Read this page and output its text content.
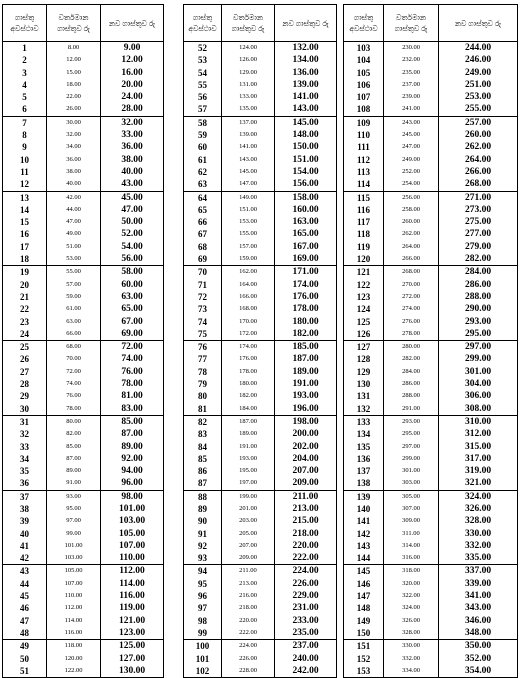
ගාස්තු අවස්ථාව	වර්තමාන ගාස්තුව රු	නව ගාස්තුව රු

1	8.00	9.00
2	12.00	12.00
3	15.00	16.00
4	18.00	20.00
5	22.00	24.00
6	26.00	28.00
7	30.00	32.00
8	32.00	33.00
9	34.00	36.00
10	36.00	38.00
11	38.00	40.00
12	40.00	43.00
13	42.00	45.00
14	44.00	47.00
15	47.00	50.00
16	49.00	52.00
17	51.00	54.00
18	53.00	56.00
19	55.00	58.00
20	57.00	60.00
21	59.00	63.00
22	61.00	65.00
23	63.00	67.00
24	66.00	69.00
25	68.00	72.00
26	70.00	74.00
27	72.00	76.00
28	74.00	78.00
29	76.00	81.00
30	78.00	83.00
31	80.00	85.00
32	82.00	87.00
33	85.00	89.00
34	87.00	92.00
35	89.00	94.00
36	91.00	96.00
37	93.00	98.00
38	95.00	101.00
39	97.00	103.00
40	99.00	105.00
41	101.00	107.00
42	103.00	110.00
43	105.00	112.00
44	107.00	114.00
45	110.00	116.00
46	112.00	119.00
47	114.00	121.00
48	116.00	123.00
49	118.00	125.00
50	120.00	127.00
51	122.00	130.00
ගාස්තු අවස්ථාව	වර්තමාන ගාස්තුව රු	නව ගාස්තුව රු

52	124.00	132.00
53	126.00	134.00
54	129.00	136.00
55	131.00	139.00
56	133.00	141.00
57	135.00	143.00
58	137.00	145.00
59	139.00	148.00
60	141.00	150.00
61	143.00	151.00
62	145.00	154.00
63	147.00	156.00
64	149.00	158.00
65	151.00	160.00
66	153.00	163.00
67	155.00	165.00
68	157.00	167.00
69	159.00	169.00
70	162.00	171.00
71	164.00	174.00
72	166.00	176.00
73	168.00	178.00
74	170.00	180.00
75	172.00	182.00
76	174.00	185.00
77	176.00	187.00
78	178.00	189.00
79	180.00	191.00
80	182.00	193.00
81	184.00	196.00
82	187.00	198.00
83	189.00	200.00
84	191.00	202.00
85	193.00	204.00
86	195.00	207.00
87	197.00	209.00
88	199.00	211.00
89	201.00	213.00
90	203.00	215.00
91	205.00	218.00
92	207.00	220.00
93	209.00	222.00
94	211.00	224.00
95	213.00	226.00
96	216.00	229.00
97	218.00	231.00
98	220.00	233.00
99	222.00	235.00
100	224.00	237.00
101	226.00	240.00
102	228.00	242.00
ගාස්තු අවස්ථාව	වර්තමාන ගාස්තුව රු	නව ගාස්තුව රු

103	230.00	244.00
104	232.00	246.00
105	235.00	249.00
106	237.00	251.00
107	239.00	253.00
108	241.00	255.00
109	243.00	257.00
110	245.00	260.00
111	247.00	262.00
112	249.00	264.00
113	252.00	266.00
114	254.00	268.00
115	256.00	271.00
116	258.00	273.00
117	260.00	275.00
118	262.00	277.00
119	264.00	279.00
120	266.00	282.00
121	268.00	284.00
122	270.00	286.00
123	272.00	288.00
124	274.00	290.00
125	276.00	293.00
126	278.00	295.00
127	280.00	297.00
128	282.00	299.00
129	284.00	301.00
130	286.00	304.00
131	288.00	306.00
132	291.00	308.00
133	293.00	310.00
134	295.00	312.00
135	297.00	315.00
136	299.00	317.00
137	301.00	319.00
138	303.00	321.00
139	305.00	324.00
140	307.00	326.00
141	309.00	328.00
142	311.00	330.00
143	314.00	332.00
144	316.00	335.00
145	318.00	337.00
146	320.00	339.00
147	322.00	341.00
148	324.00	343.00
149	326.00	346.00
150	328.00	348.00
151	330.00	350.00
152	332.00	352.00
153	334.00	354.00
